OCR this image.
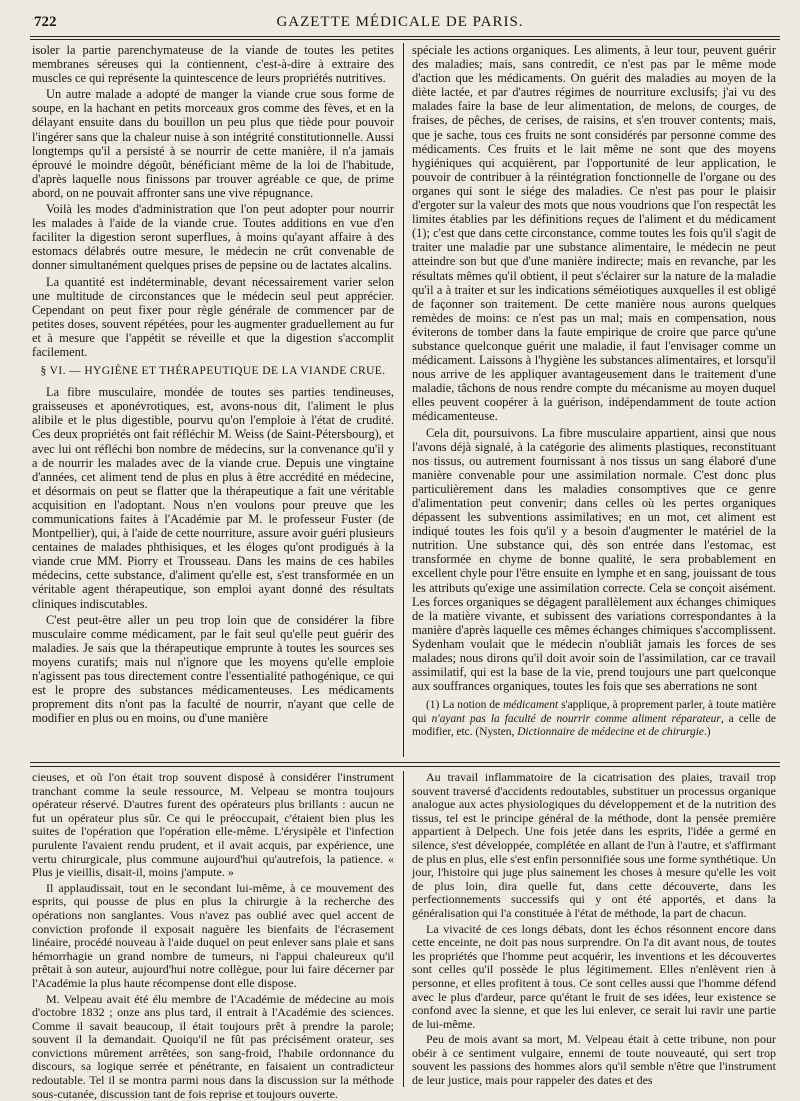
722	GAZETTE MÉDICALE DE PARIS.

isoler la partie parenchymateuse de la viande de toutes les petites membranes séreuses qui la contiennent, c'est-à-dire à extraire des muscles ce qui représente la quintescence de leurs propriétés nutritives.

Un autre malade a adopté de manger la viande crue sous forme de soupe, en la hachant en petits morceaux gros comme des fèves, et en la délayant ensuite dans du bouillon un peu plus que tiède pour pouvoir l'ingérer sans que la chaleur nuise à son intégrité constitutionnelle. Aussi longtemps qu'il a persisté à se nourrir de cette manière, il n'a jamais éprouvé le moindre dégoût, bénéficiant même de la loi de l'habitude, d'après laquelle nous finissons par trouver agréable ce que, de prime abord, on ne pouvait affronter sans une vive répugnance.

Voilà les modes d'administration que l'on peut adopter pour nourrir les malades à l'aide de la viande crue. Toutes additions en vue d'en faciliter la digestion seront superflues, à moins qu'ayant affaire à des estomacs délabrés outre mesure, le médecin ne crût convenable de donner simultanément quelques prises de pepsine ou de lactates alcalins.

La quantité est indéterminable, devant nécessairement varier selon une multitude de circonstances que le médecin seul peut apprécier. Cependant on peut fixer pour règle générale de commencer par de petites doses, souvent répétées, pour les augmenter graduellement au fur et à mesure que l'appétit se réveille et que la digestion s'accomplit facilement.

§ VI. — HYGIÈNE ET THÉRAPEUTIQUE DE LA VIANDE CRUE.

La fibre musculaire, mondée de toutes ses parties tendineuses, graisseuses et aponévrotiques, est, avons-nous dit, l'aliment le plus alibile et le plus digestible, pourvu qu'on l'emploie à l'état de crudité. Ces deux propriétés ont fait réfléchir M. Weiss (de Saint-Pétersbourg), et avec lui ont réfléchi bon nombre de médecins, sur la convenance qu'il y a de nourrir les malades avec de la viande crue. Depuis une vingtaine d'années, cet aliment tend de plus en plus à être accrédité en médecine, et désormais on peut se flatter que la thérapeutique a fait une véritable acquisition en l'adoptant. Nous n'en voulons pour preuve que les communications faites à l'Académie par M. le professeur Fuster (de Montpellier), qui, à l'aide de cette nourriture, assure avoir guéri plusieurs centaines de malades phthisiques, et les éloges qu'ont prodigués à la viande crue MM. Piorry et Trousseau. Dans les mains de ces habiles médecins, cette substance, d'aliment qu'elle est, s'est transformée en un véritable agent thérapeutique, son emploi ayant donné des résultats cliniques indiscutables.

C'est peut-être aller un peu trop loin que de considérer la fibre musculaire comme médicament, par le fait seul qu'elle peut guérir des maladies. Je sais que la thérapeutique emprunte à toutes les sources ses moyens curatifs; mais nul n'ignore que les moyens qu'elle emploie n'agissent pas tous directement contre l'essentialité pathogénique, ce qui est le propre des substances médicamenteuses. Les médicaments proprement dits n'ont pas la faculté de nourrir, n'ayant que celle de modifier en plus ou en moins, ou d'une manière

spéciale les actions organiques. Les aliments, à leur tour, peuvent guérir des maladies; mais, sans contredit, ce n'est pas par le même mode d'action que les médicaments. On guérit des maladies au moyen de la diète lactée, et par d'autres régimes de nourriture exclusifs; j'ai vu des malades faire la base de leur alimentation, de melons, de courges, de fraises, de pêches, de cerises, de raisins, et s'en trouver contents; mais, que je sache, tous ces fruits ne sont considérés par personne comme des médicaments. Ces fruits et le lait même ne sont que des moyens hygiéniques qui acquièrent, par l'opportunité de leur application, le pouvoir de contribuer à la réintégration fonctionnelle de l'organe ou des organes qui sont le siége des maladies. Ce n'est pas pour le plaisir d'ergoter sur la valeur des mots que nous voudrions que l'on respectât les limites établies par les définitions reçues de l'aliment et du médicament (1); c'est que dans cette circonstance, comme toutes les fois qu'il s'agit de traiter une maladie par une substance alimentaire, le médecin ne peut atteindre son but que d'une manière indirecte; mais en revanche, par les résultats mêmes qu'il obtient, il peut s'éclairer sur la nature de la maladie qu'il a à traiter et sur les indications séméiotiques auxquelles il est obligé de façonner son traitement. De cette manière nous aurons quelques remèdes de moins: ce n'est pas un mal; mais en compensation, nous éviterons de tomber dans la faute empirique de croire que parce qu'une substance quelconque guérit une maladie, il faut l'envisager comme un médicament. Laissons à l'hygiène les substances alimentaires, et lorsqu'il nous arrive de les appliquer avantageusement dans le traitement d'une maladie, tâchons de nous rendre compte du mécanisme au moyen duquel elles peuvent coopérer à la guérison, indépendamment de toute action médicamenteuse.

Cela dit, poursuivons. La fibre musculaire appartient, ainsi que nous l'avons déjà signalé, à la catégorie des aliments plastiques, reconstituant nos tissus, ou autrement fournissant à nos tissus un sang élaboré d'une manière convenable pour une assimilation normale. C'est donc plus particulièrement dans les maladies consomptives que ce genre d'alimentation peut convenir; dans celles où les pertes organiques dépassent les subventions assimilatives; en un mot, cet aliment est indiqué toutes les fois qu'il y a besoin d'augmenter le matériel de la nutrition. Une substance qui, dès son entrée dans l'estomac, est transformée en chyme de bonne qualité, le sera probablement en excellent chyle pour l'être ensuite en lymphe et en sang, jouissant de tous les attributs qu'exige une assimilation correcte. Cela se conçoit aisément. Les forces organiques se dégagent parallèlement aux échanges chimiques de la matière vivante, et subissent des variations correspondantes à la manière d'après laquelle ces mêmes échanges chimiques s'accomplissent. Sydenham voulait que le médecin n'oubliât jamais les forces de ses malades; nous dirons qu'il doit avoir soin de l'assimilation, car ce travail assimilatif, qui est la base de la vie, prend toujours une part quelconque aux souffrances organiques, toutes les fois que ses aberrations ne sont

(1) La notion de médicament s'applique, à proprement parler, à toute matière qui n'ayant pas la faculté de nourrir comme aliment réparateur, a celle de modifier, etc. (Nysten, Dictionnaire de médecine et de chirurgie.)

cieuses, et où l'on était trop souvent disposé à considérer l'instrument tranchant comme la seule ressource, M. Velpeau se montra toujours opérateur réservé. D'autres furent des opérateurs plus brillants : aucun ne fut un opérateur plus sûr. Ce qui le préoccupait, c'étaient bien plus les suites de l'opération que l'opération elle-même. L'érysipèle et l'infection purulente l'avaient rendu prudent, et il avait acquis, par expérience, une vertu chirurgicale, plus commune aujourd'hui qu'autrefois, la patience. « Plus je vieillis, disait-il, moins j'ampute. »

Il applaudissait, tout en le secondant lui-même, à ce mouvement des esprits, qui pousse de plus en plus la chirurgie à la recherche des opérations non sanglantes. Vous n'avez pas oublié avec quel accent de conviction profonde il exposait naguère les bienfaits de l'écrasement linéaire, procédé nouveau à l'aide duquel on peut enlever sans plaie et sans hémorrhagie un grand nombre de tumeurs, ni l'appui chaleureux qu'il prêtait à son auteur, aujourd'hui notre collègue, pour lui faire décerner par l'Académie la plus haute récompense dont elle dispose.

M. Velpeau avait été élu membre de l'Académie de médecine au mois d'octobre 1832 ; onze ans plus tard, il entrait à l'Académie des sciences. Comme il savait beaucoup, il était toujours prêt à prendre la parole; souvent il la demandait. Quoiqu'il ne fût pas précisément orateur, ses convictions mûrement arrêtées, son sang-froid, l'habile ordonnance du discours, sa logique serrée et pénétrante, en faisaient un contradicteur redoutable. Tel il se montra parmi nous dans la discussion sur la méthode sous-cutanée, discussion tant de fois reprise et toujours ouverte.

Au travail inflammatoire de la cicatrisation des plaies, travail trop souvent traversé d'accidents redoutables, substituer un processus organique analogue aux actes physiologiques du développement et de la nutrition des tissus, tel est le principe général de la méthode, dont la pensée première appartient à Delpech. Une fois jetée dans les esprits, l'idée a germé en silence, s'est développée, complétée en allant de l'un à l'autre, et s'affirmant de plus en plus, elle s'est enfin personnifiée sous une forme synthétique. Un jour, l'histoire qui juge plus sainement les choses à mesure qu'elle les voit de plus loin, dira quelle fut, dans cette découverte, dans les perfectionnements successifs qui y ont été apportés, et dans la généralisation qui l'a constituée à l'état de méthode, la part de chacun.

La vivacité de ces longs débats, dont les échos résonnent encore dans cette enceinte, ne doit pas nous surprendre. On l'a dit avant nous, de toutes les propriétés que l'homme peut acquérir, les inventions et les découvertes sont celles qu'il possède le plus légitimement. Elles n'enlèvent rien à personne, et elles profitent à tous. Ce sont celles aussi que l'homme défend avec le plus d'ardeur, parce qu'étant le fruit de ses idées, leur existence se confond avec la sienne, et que les lui enlever, ce serait lui ravir une partie de lui-même.

Peu de mois avant sa mort, M. Velpeau était à cette tribune, non pour obéir à ce sentiment vulgaire, ennemi de toute nouveauté, qui sert trop souvent les passions des hommes alors qu'il semble n'être que l'instrument de leur justice, mais pour rappeler des dates et des
